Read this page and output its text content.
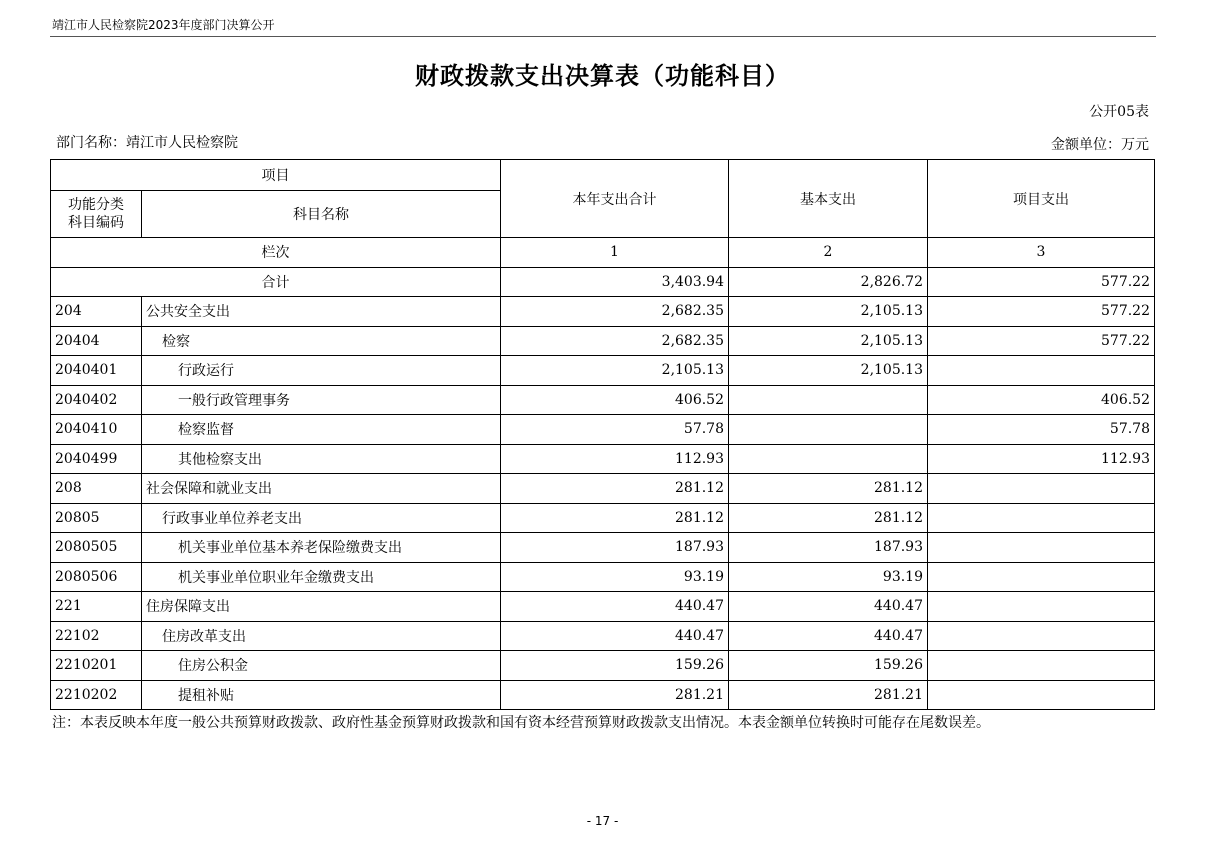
靖江市人民检察院2023年度部门决算公开
财政拨款支出决算表（功能科目）
公开05表
部门名称：靖江市人民检察院	金额单位：万元
项目		本年支出合计	基本支出	项目支出

功能分类
科目编码	科目名称			
栏次		1	2	3
合计		3,403.94	2,826.72	577.22
204	公共安全支出	2,682.35	2,105.13	577.22
20404	检察	2,682.35	2,105.13	577.22
2040401	行政运行	2,105.13	2,105.13	
2040402	一般行政管理事务	406.52		406.52
2040410	检察监督	57.78		57.78
2040499	其他检察支出	112.93		112.93
208	社会保障和就业支出	281.12	281.12	
20805	行政事业单位养老支出	281.12	281.12	
2080505	机关事业单位基本养老保险缴费支出	187.93	187.93	
2080506	机关事业单位职业年金缴费支出	93.19	93.19	
221	住房保障支出	440.47	440.47	
22102	住房改革支出	440.47	440.47	
2210201	住房公积金	159.26	159.26	
2210202	提租补贴	281.21	281.21	
注：本表反映本年度一般公共预算财政拨款、政府性基金预算财政拨款和国有资本经营预算财政拨款支出情况。本表金额单位转换时可能存在尾数误差。
- 17 -
